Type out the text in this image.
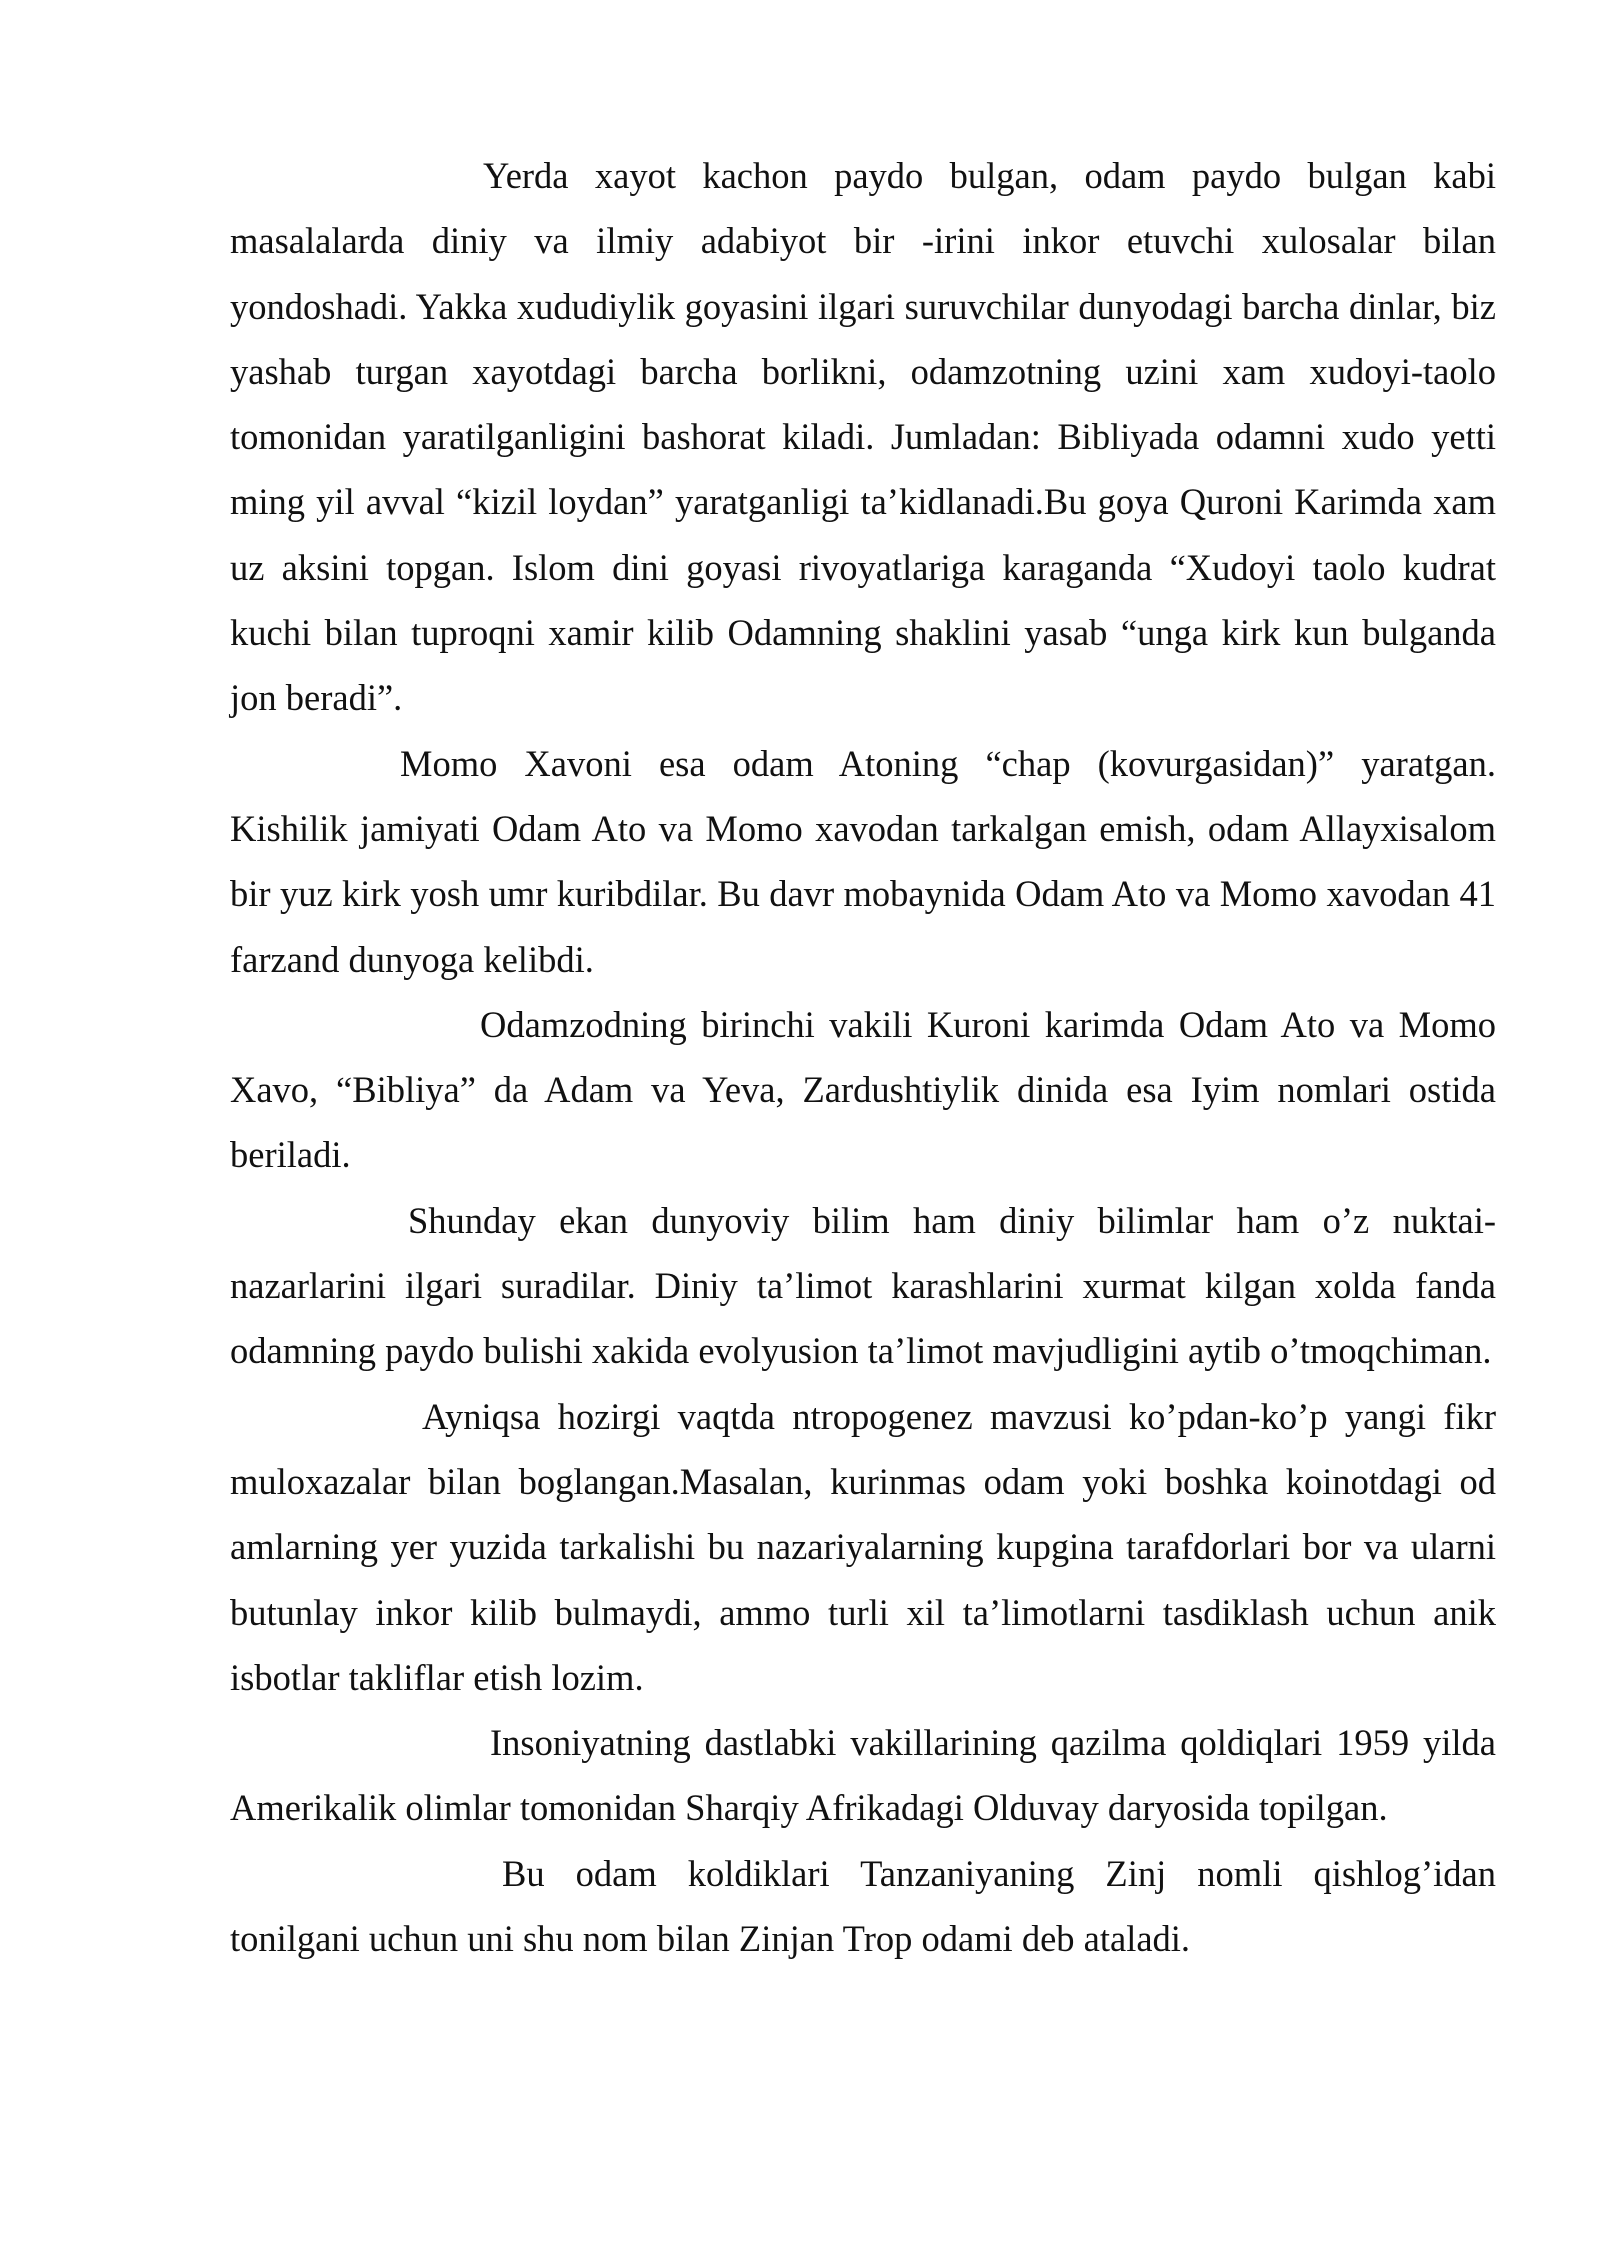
Yerda xayot kachon paydo bulgan, odam paydo bulgan kabi masalalarda diniy va ilmiy adabiyot bir -irini inkor etuvchi xulosalar bilan yondoshadi. Yakka xududiylik goyasini ilgari suruvchilar dunyodagi barcha dinlar, biz yashab turgan xayotdagi barcha borlikni, odamzotning uzini xam xudoyi-taolo tomonidan yaratilganligini bashorat kiladi. Jumladan: Bibliyada odamni xudo yetti ming yil avval “kizil loydan” yaratganligi ta’kidlanadi.Bu goya Quroni Karimda xam uz aksini topgan. Islom dini goyasi rivoyatlariga karaganda “Xudoyi taolo kudrat kuchi bilan tuproqni xamir kilib Odamning shaklini yasab “unga kirk kun bulganda jon beradi”.

Momo Xavoni esa odam Atoning “chap (kovurgasidan)” yaratgan. Kishilik jamiyati Odam Ato va Momo xavodan tarkalgan emish, odam Allayxisalom bir yuz kirk yosh umr kuribdilar. Bu davr mobaynida Odam Ato va Momo xavodan 41 farzand dunyoga kelibdi.

Odamzodning birinchi vakili Kuroni karimda Odam Ato va Momo Xavo, “Bibliya” da Adam va Yeva, Zardushtiylik dinida esa Iyim nomlari ostida beriladi.

Shunday ekan dunyoviy bilim ham diniy bilimlar ham o’z nuktai-nazarlarini ilgari suradilar. Diniy ta’limot karashlarini xurmat kilgan xolda fanda odamning paydo bulishi xakida evolyusion ta’limot mavjudligini aytib o’tmoqchiman.

Ayniqsa hozirgi vaqtda ntropogenez mavzusi ko’pdan-ko’p yangi fikr muloxazalar bilan boglangan.Masalan, kurinmas odam yoki boshka koinotdagi od amlarning yer yuzida tarkalishi bu nazariyalarning kupgina tarafdorlari bor va ularni butunlay inkor kilib bulmaydi, ammo turli xil ta’limotlarni tasdiklash uchun anik isbotlar takliflar etish lozim.

Insoniyatning dastlabki vakillarining qazilma qoldiqlari 1959 yilda Amerikalik olimlar tomonidan Sharqiy Afrikadagi Olduvay daryosida topilgan.

Bu odam koldiklari Tanzaniyaning Zinj nomli qishlog’idan tonilgani uchun uni shu nom bilan Zinjan Trop odami deb ataladi.
